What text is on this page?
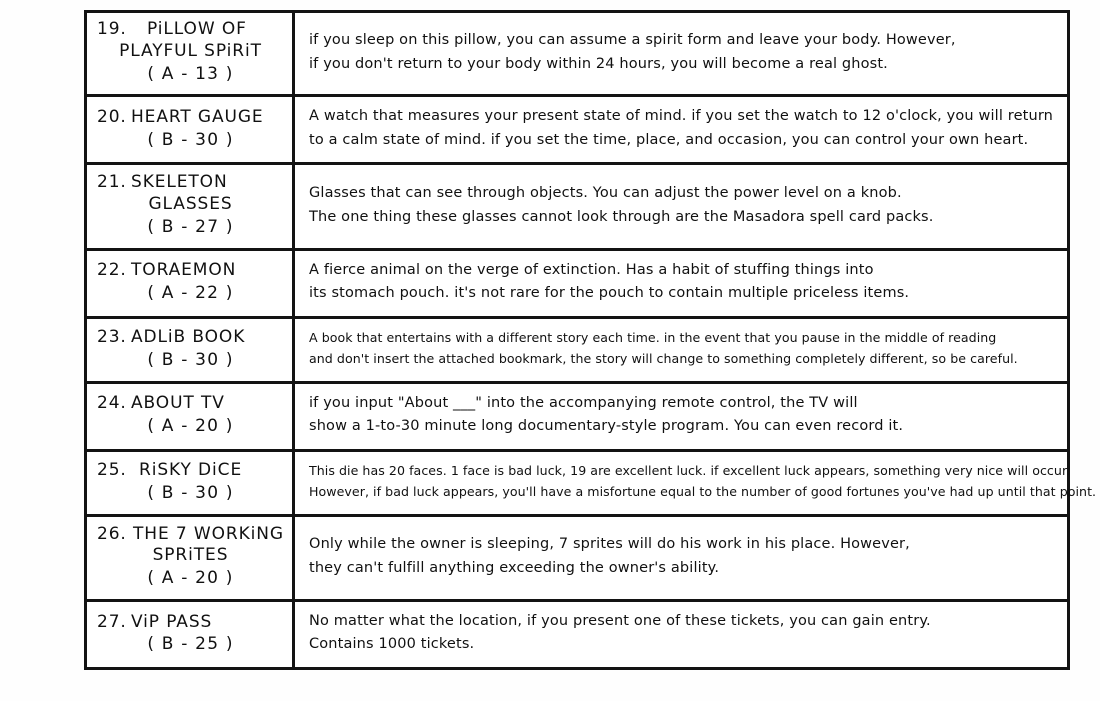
19. PiLLOW OF
PLAYFUL SPiRiT
( A - 13 )
if you sleep on this pillow, you can assume a spirit form and leave your body. However,
if you don't return to your body within 24 hours, you will become a real ghost.
20. HEART GAUGE
( B - 30 )
A watch that measures your present state of mind. if you set the watch to 12 o'clock, you will return
to a calm state of mind. if you set the time, place, and occasion, you can control your own heart.
21. SKELETON
GLASSES
( B - 27 )
Glasses that can see through objects. You can adjust the power level on a knob.
The one thing these glasses cannot look through are the Masadora spell card packs.
22. TORAEMON
( A - 22 )
A fierce animal on the verge of extinction. Has a habit of stuffing things into
its stomach pouch. it's not rare for the pouch to contain multiple priceless items.
23. ADLiB BOOK
( B - 30 )
A book that entertains with a different story each time. in the event that you pause in the middle of reading
and don't insert the attached bookmark, the story will change to something completely different, so be careful.
24. ABOUT TV
( A - 20 )
if you input "About ___" into the accompanying remote control, the TV will
show a 1-to-30 minute long documentary-style program. You can even record it.
25. RiSKY DiCE
( B - 30 )
This die has 20 faces. 1 face is bad luck, 19 are excellent luck. if excellent luck appears, something very nice will occur.
However, if bad luck appears, you'll have a misfortune equal to the number of good fortunes you've had up until that point.
26. THE 7 WORKiNG
SPRiTES
( A - 20 )
Only while the owner is sleeping, 7 sprites will do his work in his place. However,
they can't fulfill anything exceeding the owner's ability.
27. ViP PASS
( B - 25 )
No matter what the location, if you present one of these tickets, you can gain entry.
Contains 1000 tickets.
